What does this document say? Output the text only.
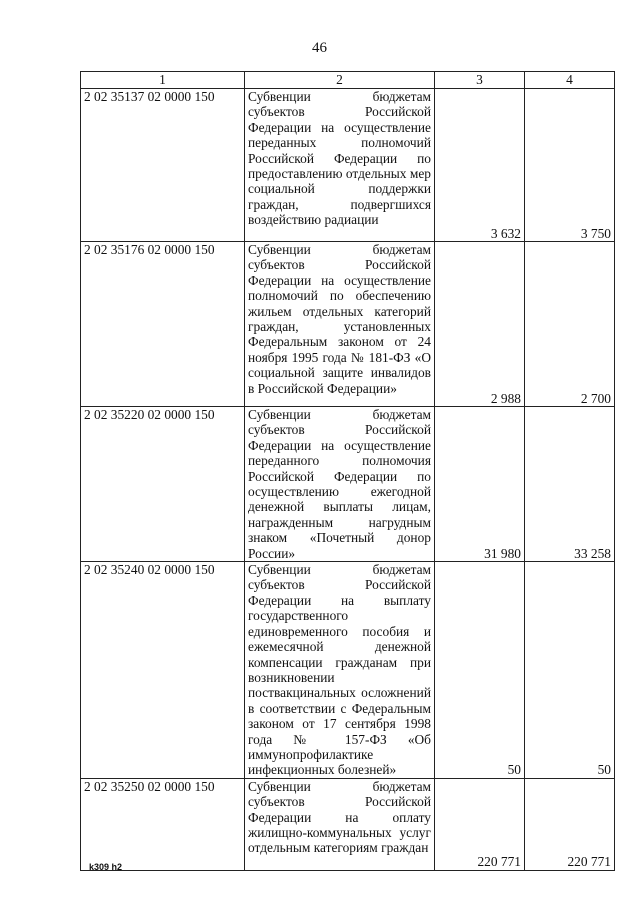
46
1	2	3	4
2 02 35137 02 0000 150	Субвенции бюджетам субъектов Российской Федерации на осуществление переданных полномочий Российской Федерации по предоставлению отдельных мер социальной поддержки граждан, подвергшихся воздействию радиации	3 632	3 750
2 02 35176 02 0000 150	Субвенции бюджетам субъектов Российской Федерации на осуществление полномочий по обеспечению жильем отдельных категорий граждан, установленных Федеральным законом от 24 ноября 1995 года № 181-ФЗ «О социальной защите инвалидов в Российской Федерации»	2 988	2 700
2 02 35220 02 0000 150	Субвенции бюджетам субъектов Российской Федерации на осуществление переданного полномочия Российской Федерации по осуществлению ежегодной денежной выплаты лицам, награжденным нагрудным знаком «Почетный донор России»	31 980	33 258
2 02 35240 02 0000 150	Субвенции бюджетам субъектов Российской Федерации на выплату государственного единовременного пособия и ежемесячной денежной компенсации гражданам при возникновении поствакцинальных осложнений в соответствии с Федеральным законом от 17 сентября 1998 года № 157-ФЗ «Об иммунопрофилактике инфекционных болезней»	50	50
2 02 35250 02 0000 150	Субвенции бюджетам субъектов Российской Федерации на оплату жилищно-коммунальных услуг отдельным категориям граждан	220 771	220 771
k309 h2
